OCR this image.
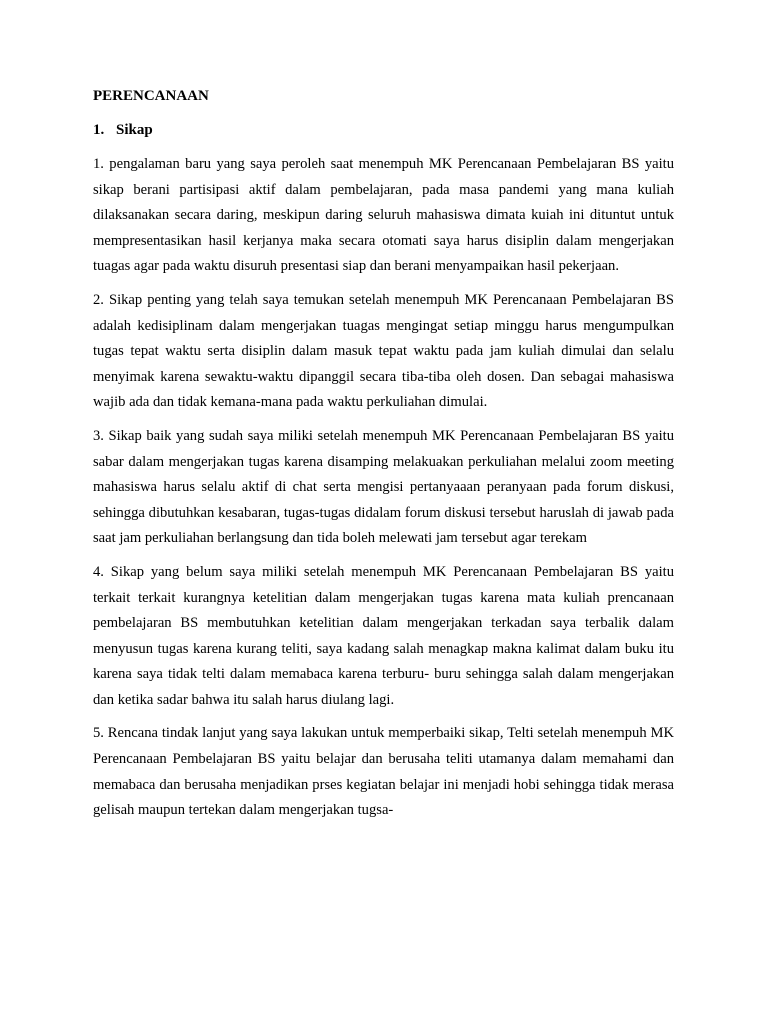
PERENCANAAN
1. Sikap

1. pengalaman baru yang saya peroleh saat menempuh MK Perencanaan Pembelajaran BS yaitu sikap berani partisipasi aktif dalam pembelajaran, pada masa pandemi yang mana kuliah dilaksanakan secara daring, meskipun daring seluruh mahasiswa dimata kuiah ini dituntut untuk mempresentasikan hasil kerjanya maka secara otomati saya harus disiplin dalam mengerjakan tuagas agar pada waktu disuruh presentasi siap dan berani menyampaikan hasil pekerjaan.

2. Sikap penting yang telah saya temukan setelah menempuh MK Perencanaan Pembelajaran BS adalah kedisiplinam dalam mengerjakan tuagas mengingat setiap minggu harus mengumpulkan tugas tepat waktu serta disiplin dalam masuk tepat waktu pada jam kuliah dimulai dan selalu menyimak karena sewaktu-waktu dipanggil secara tiba-tiba oleh dosen. Dan sebagai mahasiswa wajib ada dan tidak kemana-mana pada waktu perkuliahan dimulai.

3. Sikap baik yang sudah saya miliki setelah menempuh MK Perencanaan Pembelajaran BS yaitu sabar dalam mengerjakan tugas karena disamping melakuakan perkuliahan melalui zoom meeting mahasiswa harus selalu aktif di chat serta mengisi pertanyaaan peranyaan pada forum diskusi, sehingga dibutuhkan kesabaran, tugas-tugas didalam forum diskusi tersebut haruslah di jawab pada saat jam perkuliahan berlangsung dan tida boleh melewati jam tersebut agar terekam

4. Sikap yang belum saya miliki setelah menempuh MK Perencanaan Pembelajaran BS yaitu terkait terkait kurangnya ketelitian dalam mengerjakan tugas karena mata kuliah prencanaan pembelajaran BS membutuhkan ketelitian dalam mengerjakan terkadan saya terbalik dalam menyusun tugas karena kurang teliti, saya kadang salah menagkap makna kalimat dalam buku itu karena saya tidak telti dalam memabaca karena terburu- buru sehingga salah dalam mengerjakan dan ketika sadar bahwa itu salah harus diulang lagi.

5. Rencana tindak lanjut yang saya lakukan untuk memperbaiki sikap, Telti setelah menempuh MK Perencanaan Pembelajaran BS yaitu belajar dan berusaha teliti utamanya dalam memahami dan memabaca dan berusaha menjadikan prses kegiatan belajar ini menjadi hobi sehingga tidak merasa gelisah maupun tertekan dalam mengerjakan tugsa-
